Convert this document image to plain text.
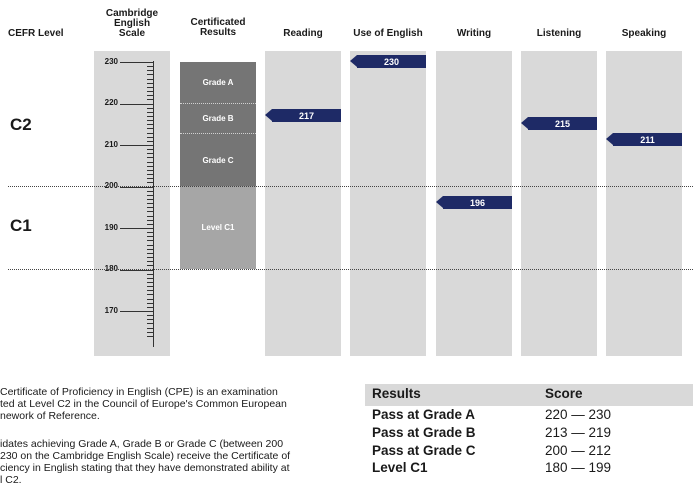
CEFR Level
Cambridge English Scale
Certificated Results	Reading	Use of English	Writing	Listening	Speaking
230
220
210
200
190
180
170
Grade A
Grade B
Grade C
Level C1
C2
C1
217
230
196
215
211
Certificate of Proficiency in English (CPE) is an examination
ted at Level C2 in the Council of Europe's Common European
nework of Reference.
idates achieving Grade A, Grade B or Grade C (between 200
230 on the Cambridge English Scale) receive the Certificate of
ciency in English stating that they have demonstrated ability at
l C2.
Results	Score
Pass at Grade A	220 — 230
Pass at Grade B	213 — 219
Pass at Grade C	200 — 212
Level C1	180 — 199
